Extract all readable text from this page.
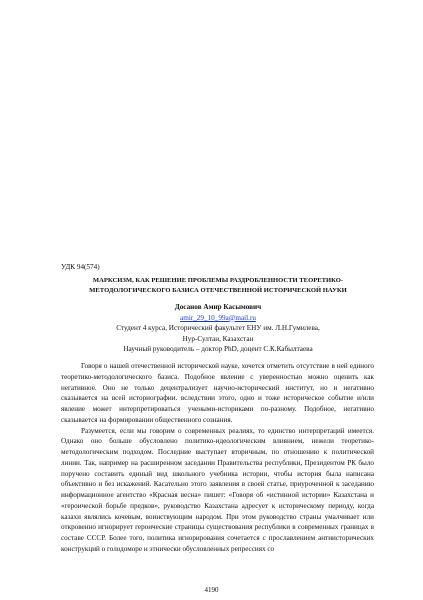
УДК 94(574)
МАРКСИЗМ, КАК РЕШЕНИЕ ПРОБЛЕМЫ РАЗДРОБЛЕННОСТИ ТЕОРЕТИКО-МЕТОДОЛОГИЧЕСКОГО БАЗИСА ОТЕЧЕСТВЕННОЙ ИСТОРИЧЕСКОЙ НАУКИ
Досанов Амир Касымович
amir_29_10_99a@mail.ru
Студент 4 курса, Исторический факультет ЕНУ им. Л.Н.Гумилева,
Нур-Султан, Казахстан
Научный руководитель – доктор PhD, доцент С.К.Кабылтаева

Говоря о нашей отечественной исторической науке, хочется отметить отсутствие в ней единого теоретико-методологического базиса. Подобное явление с уверенностью можно оценить как негативное. Оно не только децентрализует научно-исторический институт, но и негативно сказывается на всей историографии. вследствии этого, одно и тоже историческое событие и/или явление может интерпретироваться учеными-историками по-разному. Подобное, негативно сказывается на формировании общественного сознания.

Разумеется, если мы говорим о современных реалиях, то единство интерпретаций имеется. Однако оно больше обусловлено политико-идеологическим влиянием, нежели теоретико-методологическим подходом. Последние выступает вторичным, по отношению к политической линии. Так, например на расширенном заседании Правительства республики, Президентом РК было поручено составить единый вид школьного учебника истории, чтобы история была написана объективно и без искажений. Касательно этого заявления в своей статье, приуроченной к заседанию информационное агентство «Красная весна» пишет: «Говоря об «истинной истории» Казахстана и «героической борьбе предков», руководство Казахстана адресует к историческому периоду, когда казахи являлись кочевым, воинствующим народом. При этом руководство страны умалчивает или откровенно игнорирует героические страницы существования республики в современных границах в составе СССР. Более того, политика игнорирования сочетается с прославлением антиисторических конструкций о голодоморе и этнически обусловленных репрессиях со

4190
